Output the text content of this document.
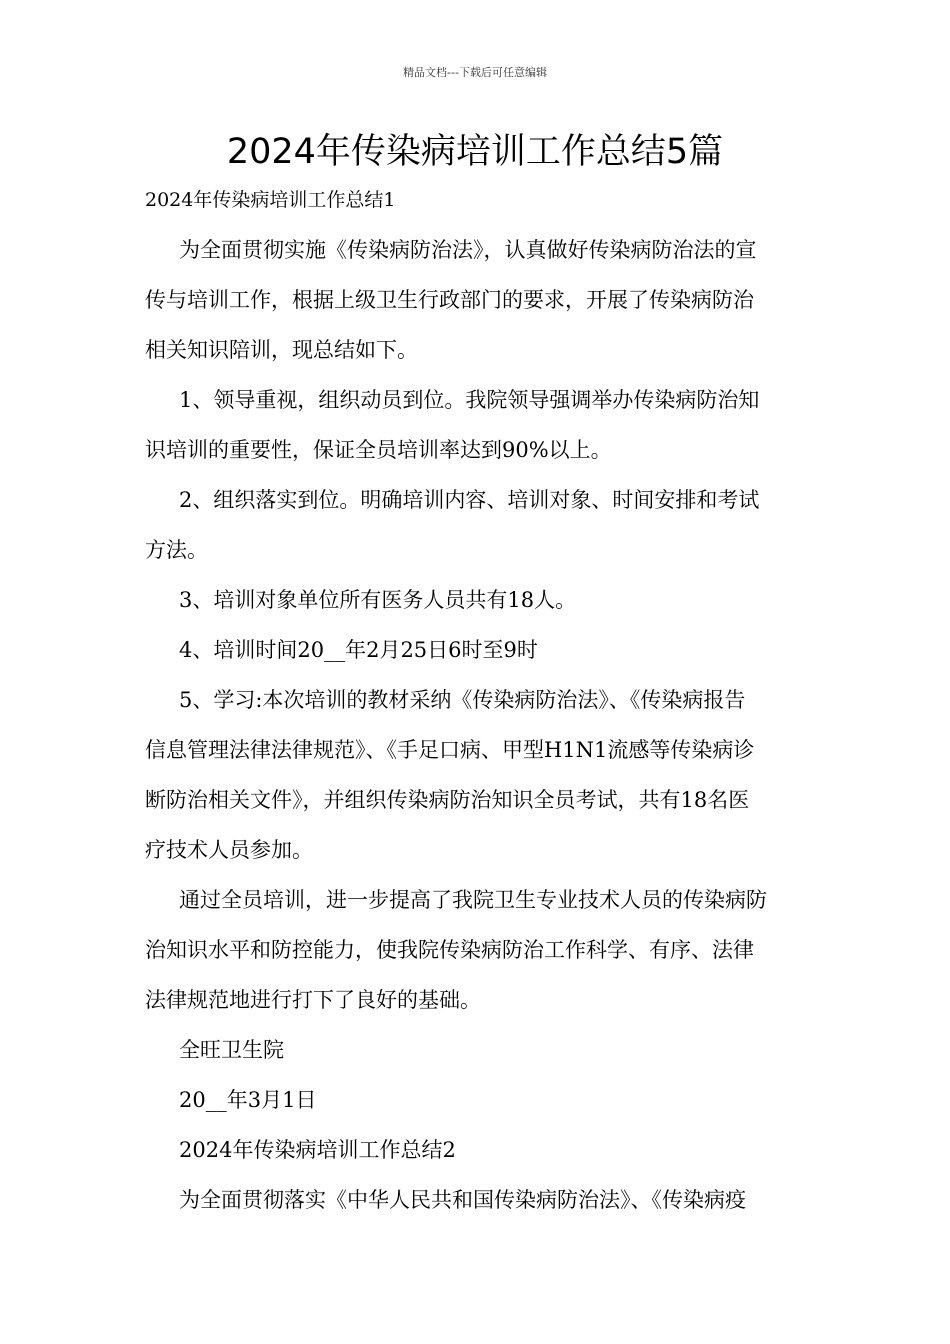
精品文档---下载后可任意编辑
2024年传染病培训工作总结5篇
2024年传染病培训工作总结1
为全面贯彻实施《传染病防治法》，认真做好传染病防治法的宣
传与培训工作，根据上级卫生行政部门的要求，开展了传染病防治
相关知识陪训，现总结如下。
1、领导重视，组织动员到位。我院领导强调举办传染病防治知
识培训的重要性，保证全员培训率达到90%以上。
2、组织落实到位。明确培训内容、培训对象、时间安排和考试
方法。
3、培训对象单位所有医务人员共有18人。
4、培训时间20__年2月25日6时至9时
5、学习:本次培训的教材采纳《传染病防治法》、《传染病报告
信息管理法律法律规范》、《手足口病、甲型H1N1流感等传染病诊
断防治相关文件》，并组织传染病防治知识全员考试，共有18名医
疗技术人员参加。
通过全员培训，进一步提高了我院卫生专业技术人员的传染病防
治知识水平和防控能力，使我院传染病防治工作科学、有序、法律
法律规范地进行打下了良好的基础。
全旺卫生院
20__年3月1日
2024年传染病培训工作总结2
为全面贯彻落实《中华人民共和国传染病防治法》、《传染病疫
